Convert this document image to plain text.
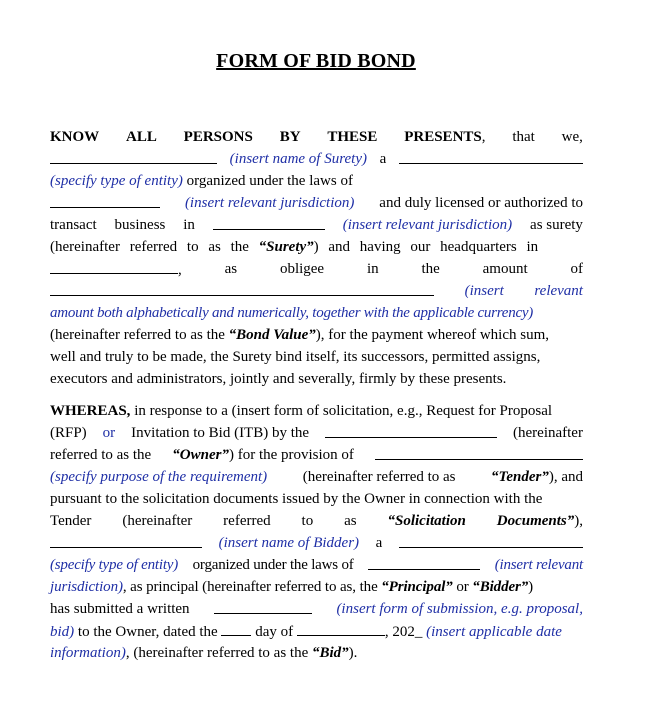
FORM OF BID BOND
KNOW ALL PERSONS BY THESE PRESENTS, that we,
(insert name of Surety) a
(specify type of entity) organized under the laws of
(insert relevant jurisdiction) and duly licensed or authorized to
transact business in	(insert relevant jurisdiction) as surety
(hereinafter referred to as the “Surety”) and having our headquarters in
,	as	obligee	in	the	amount	of
(insert relevant
amount both alphabetically and numerically, together with the applicable currency)
(hereinafter referred to as the “Bond Value”), for the payment whereof which sum,
well and truly to be made, the Surety bind itself, its successors, permitted assigns,
executors and administrators, jointly and severally, firmly by these presents.
WHEREAS, in response to a (insert form of solicitation, e.g., Request for Proposal
(RFP) or Invitation to Bid (ITB) by the	(hereinafter
referred to as the “Owner”) for the provision of
(specify purpose of the requirement) (hereinafter referred to as “Tender”), and
pursuant to the solicitation documents issued by the Owner in connection with the
Tender (hereinafter referred to as “Solicitation Documents”),
(insert name of Bidder) a
(specify type of entity) organized under the laws of	(insert relevant
jurisdiction), as principal (hereinafter referred to as, the “Principal” or “Bidder”)
has submitted a written	(insert form of submission, e.g. proposal,
bid) to the Owner, dated the	day of	, 202_ (insert applicable date
information), (hereinafter referred to as the “Bid”).
